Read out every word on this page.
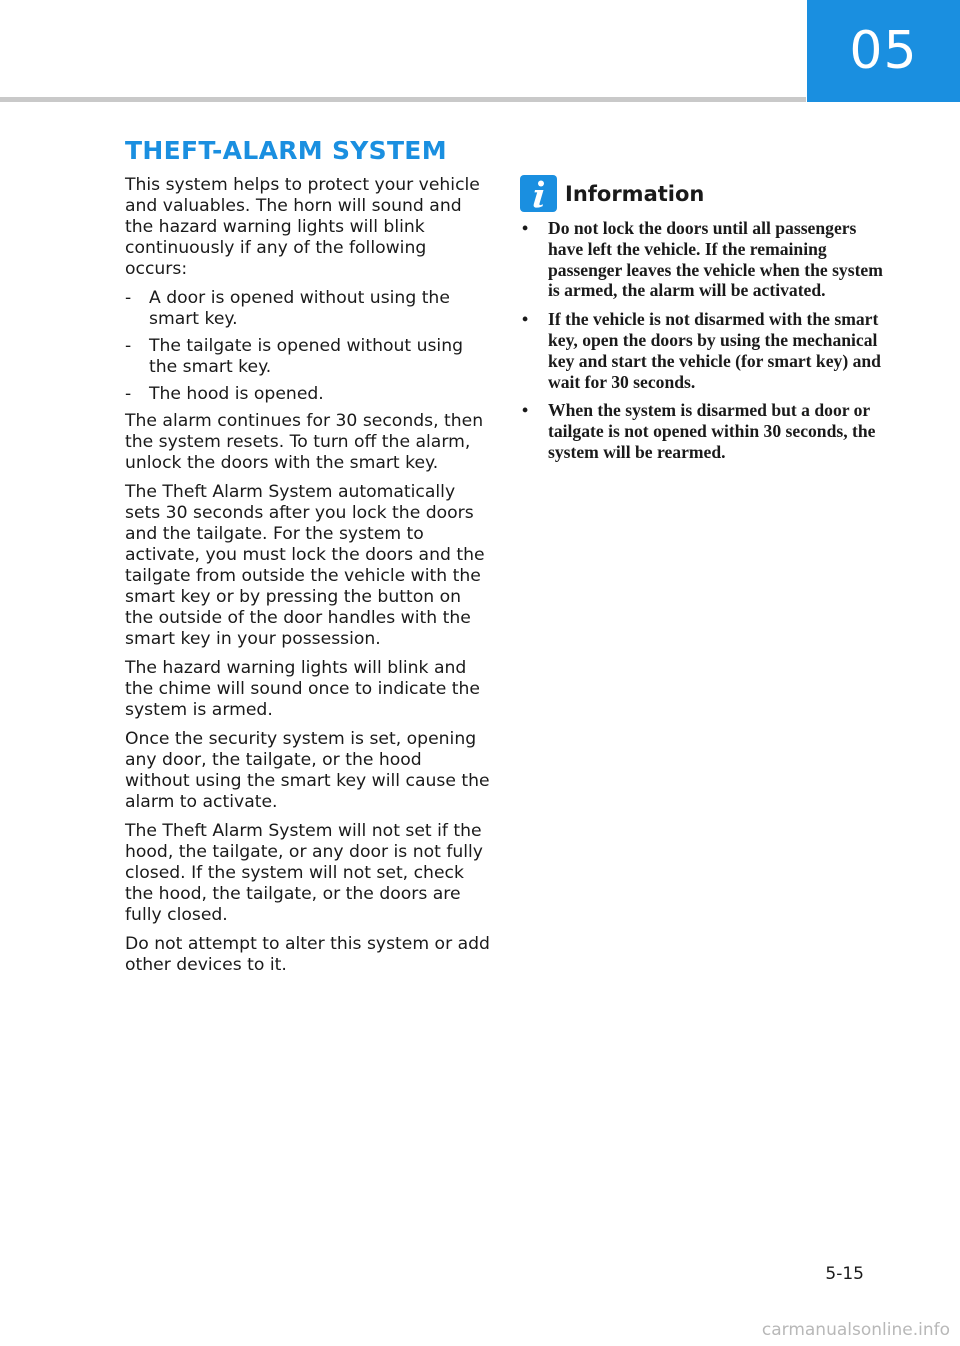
05
THEFT-ALARM SYSTEM

This system helps to protect your vehicle and valuables. The horn will sound and the hazard warning lights will blink continuously if any of the following occurs:

- A door is opened without using the smart key.
- The tailgate is opened without using the smart key.
- The hood is opened.

The alarm continues for 30 seconds, then the system resets. To turn off the alarm, unlock the doors with the smart key.

The Theft Alarm System automatically sets 30 seconds after you lock the doors and the tailgate. For the system to activate, you must lock the doors and the tailgate from outside the vehicle with the smart key or by pressing the button on the outside of the door handles with the smart key in your possession.

The hazard warning lights will blink and the chime will sound once to indicate the system is armed.

Once the security system is set, opening any door, the tailgate, or the hood without using the smart key will cause the alarm to activate.

The Theft Alarm System will not set if the hood, the tailgate, or any door is not fully closed. If the system will not set, check the hood, the tailgate, or the doors are fully closed.

Do not attempt to alter this system or add other devices to it.

Information
• Do not lock the doors until all passengers have left the vehicle. If the remaining passenger leaves the vehicle when the system is armed, the alarm will be activated.
• If the vehicle is not disarmed with the smart key, open the doors by using the mechanical key and start the vehicle (for smart key) and wait for 30 seconds.
• When the system is disarmed but a door or tailgate is not opened within 30 seconds, the system will be rearmed.
5-15
carmanualsonline.info
